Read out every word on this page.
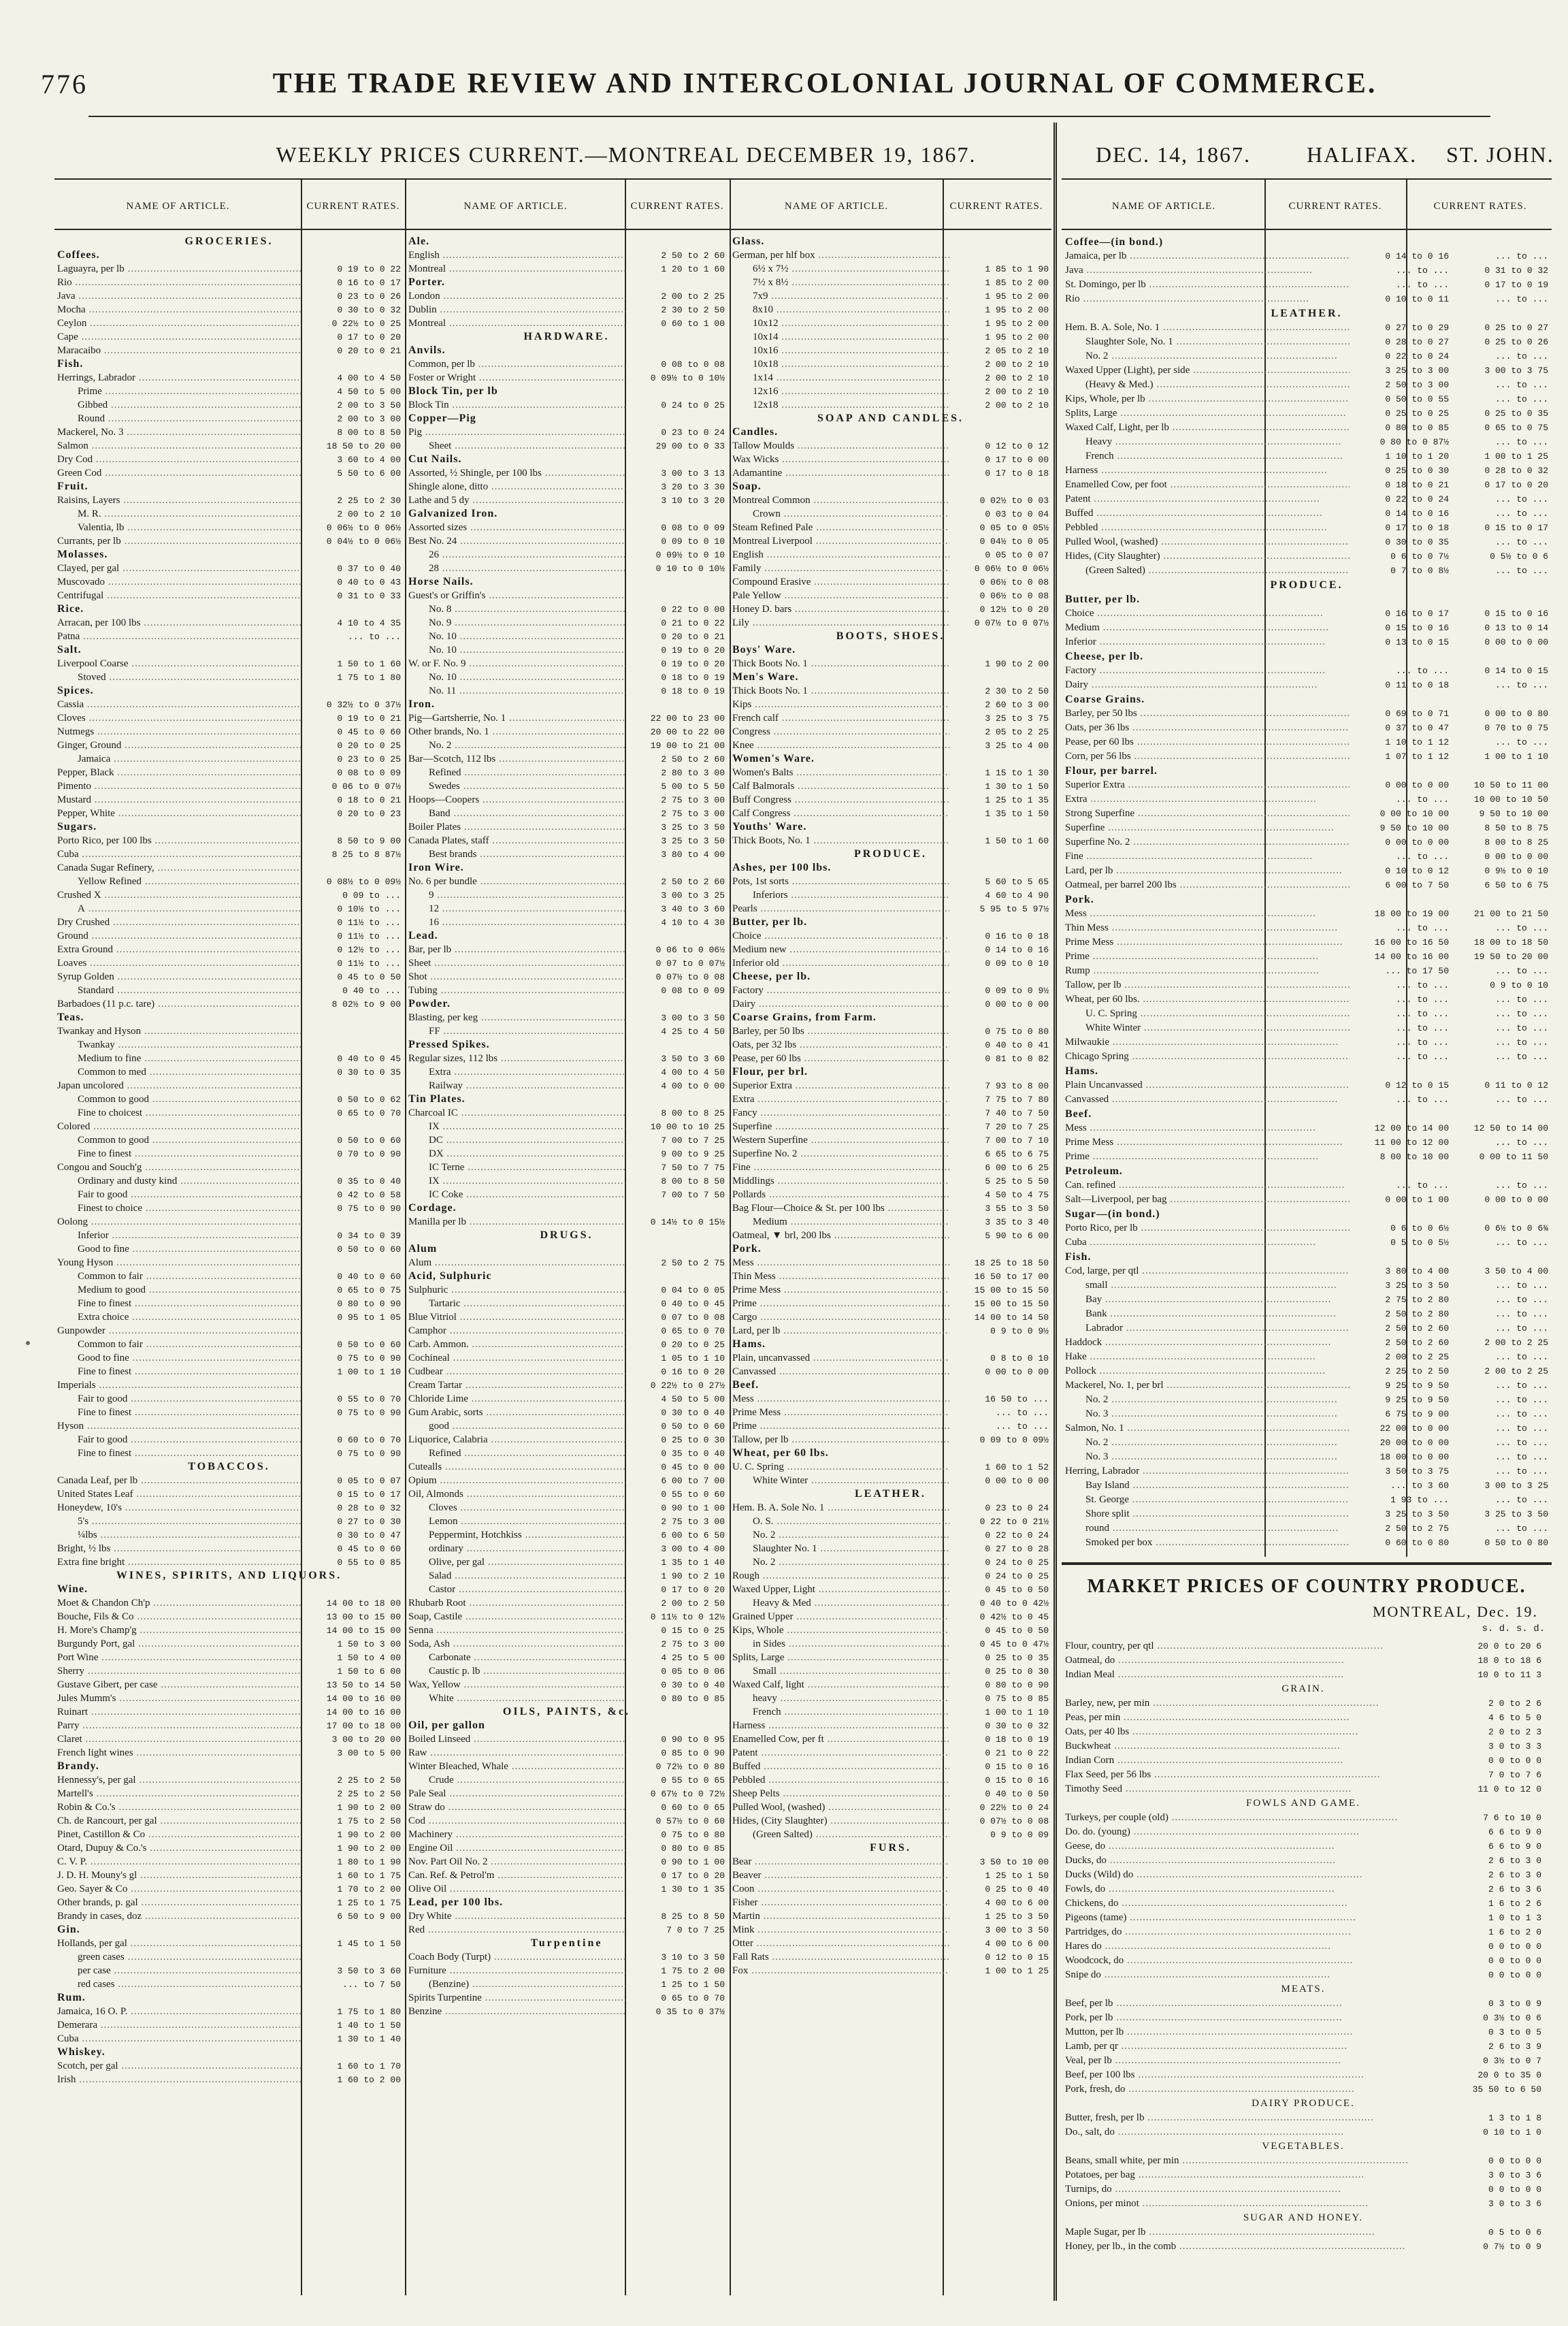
776	THE TRADE REVIEW AND INTERCOLONIAL JOURNAL OF COMMERCE.
WEEKLY PRICES CURRENT.—MONTREAL DECEMBER 19, 1867.	DEC. 14, 1867.	HALIFAX. ST. JOHN.
NAME OF ARTICLE.	CURRENT RATES.	NAME OF ARTICLE.	CURRENT RATES.	NAME OF ARTICLE.	CURRENT RATES.	NAME OF ARTICLE.	CURRENT RATES.	CURRENT RATES.
GROCERIES.
Coffees.
Laguayra, per lb .....	0 19 to 0 22
Rio .....	0 16 to 0 17
Java .....	0 23 to 0 26
Mocha .....	0 30 to 0 32
Ceylon .....	0 22½ to 0 25
Cape .....	0 17 to 0 20
Maracaibo .....	0 20 to 0 21
Fish.
Herrings, Labrador .....	4 00 to 4 50
Prime .....	4 50 to 5 00
Gibbed .....	2 00 to 3 50
Round .....	2 00 to 3 00
Mackerel, No. 3 .....	8 00 to 8 50
Salmon .....	18 50 to 20 00
Dry Cod .....	3 60 to 4 00
Green Cod .....	5 50 to 6 00
Fruit.
Raisins, Layers .....	2 25 to 2 30
M. R. .....	2 00 to 2 10
Valentia, lb .....	0 06½ to 0 06½
Currants, per lb .....	0 04½ to 0 06½
Molasses.
Clayed, per gal .....	0 37 to 0 40
Muscovado .....	0 40 to 0 43
Centrifugal .....	0 31 to 0 33
Rice.
Arracan, per 100 lbs .....	4 10 to 4 35
Patna .....	... to ...
Salt.
Liverpool Coarse .....	1 50 to 1 60
Stoved .....	1 75 to 1 80
Spices.
Cassia .....	0 32½ to 0 37½
Cloves .....	0 19 to 0 21
Nutmegs .....	0 45 to 0 60
Ginger, Ground .....	0 20 to 0 25
Jamaica .....	0 23 to 0 25
Pepper, Black .....	0 08 to 0 09
Pimento .....	0 06 to 0 07½
Mustard .....	0 18 to 0 21
Pepper, White .....	0 20 to 0 23
Sugars.
Porto Rico, per 100 lbs .....	8 50 to 9 00
Cuba .....	8 25 to 8 87½
Canada Sugar Refinery, .....
Yellow Refined .....	0 08½ to 0 09½
Crushed X .....	0 09 to ...
A .....	0 10½ to ...
Dry Crushed .....	0 11½ to ...
Ground .....	0 11½ to ...
Extra Ground .....	0 12½ to ...
Loaves .....	0 11½ to ...
Syrup Golden .....	0 45 to 0 50
Standard .....	0 40 to ...
Barbadoes (11 p.c. tare) .....	8 02½ to 9 00
Teas.
Twankay and Hyson .....
Twankay .....
Medium to fine .....	0 40 to 0 45
Common to med .....	0 30 to 0 35
Japan uncolored .....
Common to good .....	0 50 to 0 62
Fine to choicest .....	0 65 to 0 70
Colored .....
Common to good .....	0 50 to 0 60
Fine to finest .....	0 70 to 0 90
Congou and Souch'g .....
Ordinary and dusty kind .....	0 35 to 0 40
Fair to good .....	0 42 to 0 58
Finest to choice .....	0 75 to 0 90
Oolong .....
Inferior .....	0 34 to 0 39
Good to fine .....	0 50 to 0 60
Young Hyson .....
Common to fair .....	0 40 to 0 60
Medium to good .....	0 65 to 0 75
Fine to finest .....	0 80 to 0 90
Extra choice .....	0 95 to 1 05
Gunpowder .....
Common to fair .....	0 50 to 0 60
Good to fine .....	0 75 to 0 90
Fine to finest .....	1 00 to 1 10
Imperials .....
Fair to good .....	0 55 to 0 70
Fine to finest .....	0 75 to 0 90
Hyson .....
Fair to good .....	0 60 to 0 70
Fine to finest .....	0 75 to 0 90
TOBACCOS.
Canada Leaf, per lb .....	0 05 to 0 07
United States Leaf .....	0 15 to 0 17
Honeydew, 10's .....	0 28 to 0 32
5's .....	0 27 to 0 30
¼lbs .....	0 30 to 0 47
Bright, ½ lbs .....	0 45 to 0 60
Extra fine bright .....	0 55 to 0 85
WINES, SPIRITS, AND LIQUORS.
Wine.
Moet & Chandon Ch'p .....	14 00 to 18 00
Bouche, Fils & Co .....	13 00 to 15 00
H. More's Champ'g .....	14 00 to 15 00
Burgundy Port, gal .....	1 50 to 3 00
Port Wine .....	1 50 to 4 00
Sherry .....	1 50 to 6 00
Gustave Gibert, per case .....	13 50 to 14 50
Jules Mumm's .....	14 00 to 16 00
Ruinart .....	14 00 to 16 00
Parry .....	17 00 to 18 00
Claret .....	3 00 to 20 00
French light wines .....	3 00 to 5 00
Brandy.
Hennessy's, per gal .....	2 25 to 2 50
Martell's .....	2 25 to 2 50
Robin & Co.'s .....	1 90 to 2 00
Ch. de Rancourt, per gal .....	1 75 to 2 50
Pinet, Castillon & Co .....	1 90 to 2 00
Otard, Dupuy & Co.'s .....	1 90 to 2 00
C. V. P. .....	1 80 to 1 90
J. D. H. Mouny's gl .....	1 60 to 1 75
Geo. Sayer & Co .....	1 70 to 2 00
Other brands, p. gal .....	1 25 to 1 75
Brandy in cases, doz .....	6 50 to 9 00
Gin.
Hollands, per gal .....	1 45 to 1 50
green cases .....
per case .....	3 50 to 3 60
red cases .....	... to 7 50
Rum.
Jamaica, 16 O. P. .....	1 75 to 1 80
Demerara .....	1 40 to 1 50
Cuba .....	1 30 to 1 40
Whiskey.
Scotch, per gal .....	1 60 to 1 70
Irish .....	1 60 to 2 00
Ale.
English .....	2 50 to 2 60
Montreal .....	1 20 to 1 60
Porter.
London .....	2 00 to 2 25
Dublin .....	2 30 to 2 50
Montreal .....	0 60 to 1 00
HARDWARE.
Anvils.
Common, per lb .....	0 08 to 0 08
Foster or Wright .....	0 09½ to 0 10½
Block Tin, per lb
Block Tin .....	0 24 to 0 25
Copper—Pig
Pig .....	0 23 to 0 24
Sheet .....	29 00 to 0 33
Cut Nails.
Assorted, ½ Shingle, per 100 lbs .....	3 00 to 3 13
Shingle alone, ditto .....	3 20 to 3 30
Lathe and 5 dy .....	3 10 to 3 20
Galvanized Iron.
Assorted sizes .....	0 08 to 0 09
Best No. 24 .....	0 09 to 0 10
26 .....	0 09½ to 0 10
28 .....	0 10 to 0 10½
Horse Nails.
Guest's or Griffin's .....
No. 8 .....	0 22 to 0 00
No. 9 .....	0 21 to 0 22
No. 10 .....	0 20 to 0 21
No. 10 .....	0 19 to 0 20
W. or F. No. 9 .....	0 19 to 0 20
No. 10 .....	0 18 to 0 19
No. 11 .....	0 18 to 0 19
Iron.
Pig—Gartsherrie, No. 1 .....	22 00 to 23 00
Other brands, No. 1 .....	20 00 to 22 00
No. 2 .....	19 00 to 21 00
Bar—Scotch, 112 lbs .....	2 50 to 2 60
Refined .....	2 80 to 3 00
Swedes .....	5 00 to 5 50
Hoops—Coopers .....	2 75 to 3 00
Band .....	2 75 to 3 00
Boiler Plates .....	3 25 to 3 50
Canada Plates, staff .....	3 25 to 3 50
Best brands .....	3 80 to 4 00
Iron Wire.
No. 6 per bundle .....	2 50 to 2 60
9 .....	3 00 to 3 25
12 .....	3 40 to 3 60
16 .....	4 10 to 4 30
Lead.
Bar, per lb .....	0 06 to 0 06½
Sheet .....	0 07 to 0 07½
Shot .....	0 07½ to 0 08
Tubing .....	0 08 to 0 09
Powder.
Blasting, per keg .....	3 00 to 3 50
FF .....	4 25 to 4 50
Pressed Spikes.
Regular sizes, 112 lbs .....	3 50 to 3 60
Extra .....	4 00 to 4 50
Railway .....	4 00 to 0 00
Tin Plates.
Charcoal IC .....	8 00 to 8 25
IX .....	10 00 to 10 25
DC .....	7 00 to 7 25
DX .....	9 00 to 9 25
IC Terne .....	7 50 to 7 75
IX .....	8 00 to 8 50
IC Coke .....	7 00 to 7 50
Cordage.
Manilla per lb .....	0 14½ to 0 15½
DRUGS.
Alum
Alum .....	2 50 to 2 75
Acid, Sulphuric
Sulphuric .....	0 04 to 0 05
Tartaric .....	0 40 to 0 45
Blue Vitriol .....	0 07 to 0 08
Camphor .....	0 65 to 0 70
Carb. Ammon. .....	0 20 to 0 25
Cochineal .....	1 05 to 1 10
Cudbear .....	0 16 to 0 20
Cream Tartar .....	0 22½ to 0 27½
Chloride Lime .....	4 50 to 5 00
Gum Arabic, sorts .....	0 30 to 0 40
good .....	0 50 to 0 60
Liquorice, Calabria .....	0 25 to 0 30
Refined .....	0 35 to 0 40
Cutealls .....	0 45 to 0 00
Opium .....	6 00 to 7 00
Oil, Almonds .....	0 55 to 0 60
Cloves .....	0 90 to 1 00
Lemon .....	2 75 to 3 00
Peppermint, Hotchkiss .....	6 00 to 6 50
ordinary .....	3 00 to 4 00
Olive, per gal .....	1 35 to 1 40
Salad .....	1 90 to 2 10
Castor .....	0 17 to 0 20
Rhubarb Root .....	2 00 to 2 50
Soap, Castile .....	0 11½ to 0 12½
Senna .....	0 15 to 0 25
Soda, Ash .....	2 75 to 3 00
Carbonate .....	4 25 to 5 00
Caustic p. lb .....	0 05 to 0 06
Wax, Yellow .....	0 30 to 0 40
White .....	0 80 to 0 85
OILS, PAINTS, &c.
Oil, per gallon
Boiled Linseed .....	0 90 to 0 95
Raw .....	0 85 to 0 90
Winter Bleached, Whale .....	0 72½ to 0 80
Crude .....	0 55 to 0 65
Pale Seal .....	0 67½ to 0 72½
Straw do .....	0 60 to 0 65
Cod .....	0 57½ to 0 60
Machinery .....	0 75 to 0 80
Engine Oil .....	0 80 to 0 85
Nov. Part Oil No. 2 .....	0 90 to 1 00
Can. Ref. & Petrol'm .....	0 17 to 0 20
Olive Oil .....	1 30 to 1 35
Lead, per 100 lbs.
Dry White .....	8 25 to 8 50
Red .....	7 0 to 7 25
Turpentine
Coach Body (Turpt) .....	3 10 to 3 50
Furniture .....	1 75 to 2 00
(Benzine) .....	1 25 to 1 50
Spirits Turpentine .....	0 65 to 0 70
Benzine .....	0 35 to 0 37½
Glass.
German, per hlf box .....
6½ x 7½ .....	1 85 to 1 90
7½ x 8½ .....	1 85 to 2 00
7x9 .....	1 95 to 2 00
8x10 .....	1 95 to 2 00
10x12 .....	1 95 to 2 00
10x14 .....	1 95 to 2 00
10x16 .....	2 05 to 2 10
10x18 .....	2 00 to 2 10
1x14 .....	2 00 to 2 10
12x16 .....	2 00 to 2 10
12x18 .....	2 00 to 2 10
SOAP AND CANDLES.
Candles.
Tallow Moulds .....	0 12 to 0 12
Wax Wicks .....	0 17 to 0 00
Adamantine .....	0 17 to 0 18
Soap.
Montreal Common .....	0 02½ to 0 03
Crown .....	0 03 to 0 04
Steam Refined Pale .....	0 05 to 0 05½
Montreal Liverpool .....	0 04½ to 0 05
English .....	0 05 to 0 07
Family .....	0 06½ to 0 06½
Compound Erasive .....	0 06½ to 0 08
Pale Yellow .....	0 06½ to 0 08
Honey D. bars .....	0 12½ to 0 20
Lily .....	0 07½ to 0 07½
BOOTS, SHOES.
Boys' Ware.
Thick Boots No. 1 .....	1 90 to 2 00
Men's Ware.
Thick Boots No. 1 .....	2 30 to 2 50
Kips .....	2 60 to 3 00
French calf .....	3 25 to 3 75
Congress .....	2 05 to 2 25
Knee .....	3 25 to 4 00
Women's Ware.
Women's Balts .....	1 15 to 1 30
Calf Balmorals .....	1 30 to 1 50
Buff Congress .....	1 25 to 1 35
Calf Congress .....	1 35 to 1 50
Youths' Ware.
Thick Boots, No. 1 .....	1 50 to 1 60
PRODUCE.
Ashes, per 100 lbs.
Pots, 1st sorts .....	5 60 to 5 65
Inferiors .....	4 60 to 4 90
Pearls .....	5 95 to 5 97½
Butter, per lb.
Choice .....	0 16 to 0 18
Medium new .....	0 14 to 0 16
Inferior old .....	0 09 to 0 10
Cheese, per lb.
Factory .....	0 09 to 0 9½
Dairy .....	0 00 to 0 00
Coarse Grains, from Farm.
Barley, per 50 lbs .....	0 75 to 0 80
Oats, per 32 lbs .....	0 40 to 0 41
Pease, per 60 lbs .....	0 81 to 0 82
Flour, per brl.
Superior Extra .....	7 93 to 8 00
Extra .....	7 75 to 7 80
Fancy .....	7 40 to 7 50
Superfine .....	7 20 to 7 25
Western Superfine .....	7 00 to 7 10
Superfine No. 2 .....	6 65 to 6 75
Fine .....	6 00 to 6 25
Middlings .....	5 25 to 5 50
Pollards .....	4 50 to 4 75
Bag Flour—Choice & St. per 100 lbs .....	3 55 to 3 50
Medium .....	3 35 to 3 40
Oatmeal, ▼ brl, 200 lbs .....	5 90 to 6 00
Pork.
Mess .....	18 25 to 18 50
Thin Mess .....	16 50 to 17 00
Prime Mess .....	15 00 to 15 50
Prime .....	15 00 to 15 50
Cargo .....	14 00 to 14 50
Lard, per lb .....	0 9 to 0 9½
Hams.
Plain, uncanvassed .....	0 8 to 0 10
Canvassed .....	0 00 to 0 00
Beef.
Mess .....	16 50 to ...
Prime Mess .....	... to ...
Prime .....	... to ...
Tallow, per lb .....	0 09 to 0 09½
Wheat, per 60 lbs.
U. C. Spring .....	1 60 to 1 52
White Winter .....	0 00 to 0 00
LEATHER.
Hem. B. A. Sole No. 1 .....	0 23 to 0 24
O. S. .....	0 22 to 0 21½
No. 2 .....	0 22 to 0 24
Slaughter No. 1 .....	0 27 to 0 28
No. 2 .....	0 24 to 0 25
Rough .....	0 24 to 0 25
Waxed Upper, Light .....	0 45 to 0 50
Heavy & Med .....	0 40 to 0 42½
Grained Upper .....	0 42½ to 0 45
Kips, Whole .....	0 45 to 0 50
in Sides .....	0 45 to 0 47½
Splits, Large .....	0 25 to 0 35
Small .....	0 25 to 0 30
Waxed Calf, light .....	0 80 to 0 90
heavy .....	0 75 to 0 85
French .....	1 00 to 1 10
Harness .....	0 30 to 0 32
Enamelled Cow, per ft .....	0 18 to 0 19
Patent .....	0 21 to 0 22
Buffed .....	0 15 to 0 16
Pebbled .....	0 15 to 0 16
Sheep Pelts .....	0 40 to 0 50
Pulled Wool, (washed) .....	0 22½ to 0 24
Hides, (City Slaughter) .....	0 07½ to 0 08
(Green Salted) .....	0 9 to 0 09
FURS.
Bear .....	3 50 to 10 00
Beaver .....	1 25 to 1 50
Coon .....	0 25 to 0 40
Fisher .....	4 00 to 6 00
Martin .....	1 25 to 3 50
Mink .....	3 00 to 3 50
Otter .....	4 00 to 6 00
Fall Rats .....	0 12 to 0 15
Fox .....	1 00 to 1 25
Coffee—(in bond.)
Jamaica, per lb .....	0 14 to 0 16	... to ...
Java .....	... to ...	0 31 to 0 32
St. Domingo, per lb .....	... to ...	0 17 to 0 19
Rio .....	0 10 to 0 11	... to ...
LEATHER.
Hem. B. A. Sole, No. 1 .....	0 27 to 0 29	0 25 to 0 27
Slaughter Sole, No. 1 .....	0 28 to 0 27	0 25 to 0 26
No. 2 .....	0 22 to 0 24	... to ...
Waxed Upper (Light), per side .....	3 25 to 3 00	3 00 to 3 75
(Heavy & Med.) .....	2 50 to 3 00	... to ...
Kips, Whole, per lb .....	0 50 to 0 55	... to ...
Splits, Large .....	0 25 to 0 25	0 25 to 0 35
Waxed Calf, Light, per lb .....	0 80 to 0 85	0 65 to 0 75
Heavy .....	0 80 to 0 87½	... to ...
French .....	1 10 to 1 20	1 00 to 1 25
Harness .....	0 25 to 0 30	0 28 to 0 32
Enamelled Cow, per foot .....	0 18 to 0 21	0 17 to 0 20
Patent .....	0 22 to 0 24	... to ...
Buffed .....	0 14 to 0 16	... to ...
Pebbled .....	0 17 to 0 18	0 15 to 0 17
Pulled Wool, (washed) .....	0 30 to 0 35	... to ...
Hides, (City Slaughter) .....	0 6 to 0 7½	0 5½ to 0 6
(Green Salted) .....	0 7 to 0 8½	... to ...
PRODUCE.
Butter, per lb.
Choice .....	0 16 to 0 17	0 15 to 0 16
Medium .....	0 15 to 0 16	0 13 to 0 14
Inferior .....	0 13 to 0 15	0 00 to 0 00
Cheese, per lb.
Factory .....	... to ...	0 14 to 0 15
Dairy .....	0 11 to 0 18	... to ...
Coarse Grains.
Barley, per 50 lbs .....	0 69 to 0 71	0 00 to 0 80
Oats, per 36 lbs .....	0 37 to 0 47	0 70 to 0 75
Pease, per 60 lbs .....	1 10 to 1 12	... to ...
Corn, per 56 lbs .....	1 07 to 1 12	1 00 to 1 10
Flour, per barrel.
Superior Extra .....	0 00 to 0 00	10 50 to 11 00
Extra .....	... to ...	10 00 to 10 50
Strong Superfine .....	0 00 to 10 00	9 50 to 10 00
Superfine .....	9 50 to 10 00	8 50 to 8 75
Superfine No. 2 .....	0 00 to 0 00	8 00 to 8 25
Fine .....	... to ...	0 00 to 0 00
Lard, per lb .....	0 10 to 0 12	0 9½ to 0 10
Oatmeal, per barrel 200 lbs .....	6 00 to 7 50	6 50 to 6 75
Pork.
Mess .....	18 00 to 19 00	21 00 to 21 50
Thin Mess .....	... to ...	... to ...
Prime Mess .....	16 00 to 16 50	18 00 to 18 50
Prime .....	14 00 to 16 00	19 50 to 20 00
Rump .....	... to 17 50	... to ...
Tallow, per lb .....	... to ...	0 9 to 0 10
Wheat, per 60 lbs. .....	... to ...	... to ...
U. C. Spring .....	... to ...	... to ...
White Winter .....	... to ...	... to ...
Milwaukie .....	... to ...	... to ...
Chicago Spring .....	... to ...	... to ...
Hams.
Plain Uncanvassed .....	0 12 to 0 15	0 11 to 0 12
Canvassed .....	... to ...	... to ...
Beef.
Mess .....	12 00 to 14 00	12 50 to 14 00
Prime Mess .....	11 00 to 12 00	... to ...
Prime .....	8 00 to 10 00	0 00 to 11 50
Petroleum.
Can. refined .....	... to ...	... to ...
Salt—Liverpool, per bag .....	0 00 to 1 00	0 00 to 0 00
Sugar—(in bond.)
Porto Rico, per lb .....	0 6 to 0 6½	0 6½ to 0 6¾
Cuba .....	0 5 to 0 5½	... to ...
Fish.
Cod, large, per qtl .....	3 80 to 4 00	3 50 to 4 00
small .....	3 25 to 3 50	... to ...
Bay .....	2 75 to 2 80	... to ...
Bank .....	2 50 to 2 80	... to ...
Labrador .....	2 50 to 2 60	... to ...
Haddock .....	2 50 to 2 60	2 00 to 2 25
Hake .....	2 00 to 2 25	... to ...
Pollock .....	2 25 to 2 50	2 00 to 2 25
Mackerel, No. 1, per brl .....	9 25 to 9 50	... to ...
No. 2 .....	9 25 to 9 50	... to ...
No. 3 .....	6 75 to 9 00	... to ...
Salmon, No. 1 .....	22 00 to 0 00	... to ...
No. 2 .....	20 00 to 0 00	... to ...
No. 3 .....	18 00 to 0 00	... to ...
Herring, Labrador .....	3 50 to 3 75	... to ...
Bay Island .....	... to 3 60	3 00 to 3 25
St. George .....	1 93 to ...	... to ...
Shore split .....	3 25 to 3 50	3 25 to 3 50
round .....	2 50 to 2 75	... to ...
Smoked per box .....	0 60 to 0 80	0 50 to 0 80
MARKET PRICES OF COUNTRY PRODUCE.
MONTREAL, Dec. 19.
s. d. s. d.
Flour, country, per qtl .....	20 0 to 20 6
Oatmeal, do .....	18 0 to 18 6
Indian Meal .....	10 0 to 11 3
GRAIN.
Barley, new, per min .....	2 0 to 2 6
Peas, per min .....	4 6 to 5 0
Oats, per 40 lbs .....	2 0 to 2 3
Buckwheat .....	3 0 to 3 3
Indian Corn .....	0 0 to 0 0
Flax Seed, per 56 lbs .....	7 0 to 7 6
Timothy Seed .....	11 0 to 12 0
FOWLS AND GAME.
Turkeys, per couple (old) .....	7 6 to 10 0
Do. do. (young) .....	6 6 to 9 0
Geese, do .....	6 6 to 9 0
Ducks, do .....	2 6 to 3 0
Ducks (Wild) do .....	2 6 to 3 0
Fowls, do .....	2 6 to 3 6
Chickens, do .....	1 6 to 2 6
Pigeons (tame) .....	1 0 to 1 3
Partridges, do .....	1 6 to 2 0
Hares do .....	0 0 to 0 0
Woodcock, do .....	0 0 to 0 0
Snipe do .....	0 0 to 0 0
MEATS.
Beef, per lb .....	0 3 to 0 9
Pork, per lb .....	0 3½ to 0 6
Mutton, per lb .....	0 3 to 0 5
Lamb, per qr .....	2 6 to 3 9
Veal, per lb .....	0 3½ to 0 7
Beef, per 100 lbs .....	20 0 to 35 0
Pork, fresh, do .....	35 50 to 6 50
DAIRY PRODUCE.
Butter, fresh, per lb .....	1 3 to 1 8
Do., salt, do .....	0 10 to 1 0
VEGETABLES.
Beans, small white, per min .....	0 0 to 0 0
Potatoes, per bag .....	3 0 to 3 6
Turnips, do .....	0 0 to 0 0
Onions, per minot .....	3 0 to 3 6
SUGAR AND HONEY.
Maple Sugar, per lb .....	0 5 to 0 6
Honey, per lb., in the comb .....	0 7½ to 0 9
